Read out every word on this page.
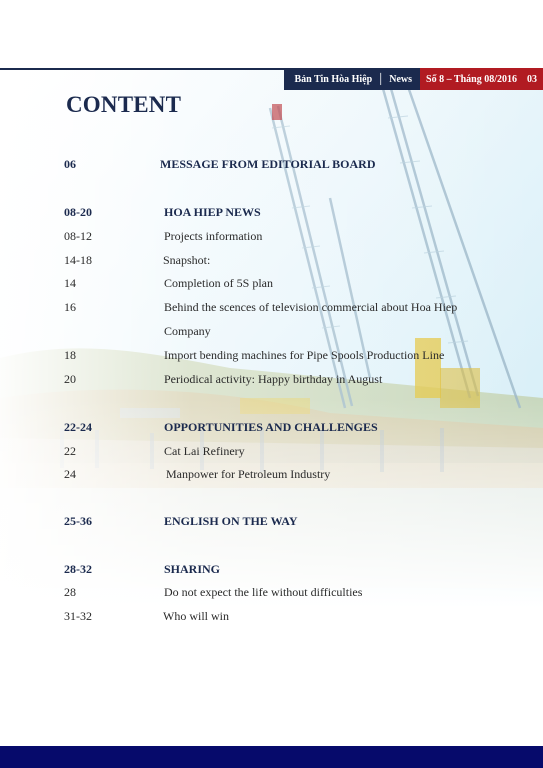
Bản Tin Hòa Hiệp │ News Số 8 – Tháng 08/2016 03
CONTENT
06	MESSAGE FROM EDITORIAL BOARD
08-20	HOA HIEP NEWS
08-12	Projects information
14-18	Snapshot:
14	Completion of 5S plan
16	Behind the scences of television commercial about Hoa Hiep
Company
18	Import bending machines for Pipe Spools Production Line
20	Periodical activity: Happy birthday in August
22-24	OPPORTUNITIES AND CHALLENGES
22	Cat Lai Refinery
24	Manpower for Petroleum Industry
25-36	ENGLISH ON THE WAY
28-32	SHARING
28	Do not expect the life without difficulties
31-32	Who will win
